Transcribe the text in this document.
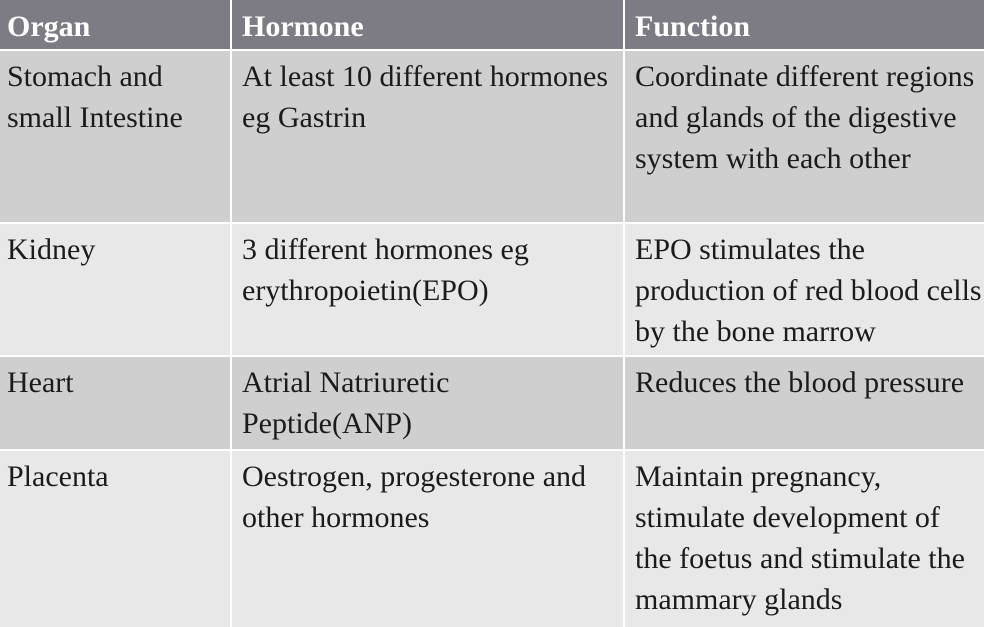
Organ	Hormone	Function
Stomach and small Intestine	At least 10 different hormones eg Gastrin	Coordinate different regions and glands of the digestive system with each other
Kidney	3 different hormones eg erythropoietin(EPO)	EPO stimulates the production of red blood cells by the bone marrow
Heart	Atrial Natriuretic Peptide(ANP)	Reduces the blood pressure
Placenta	Oestrogen, progesterone and other hormones	Maintain pregnancy, stimulate development of the foetus and stimulate the mammary glands
